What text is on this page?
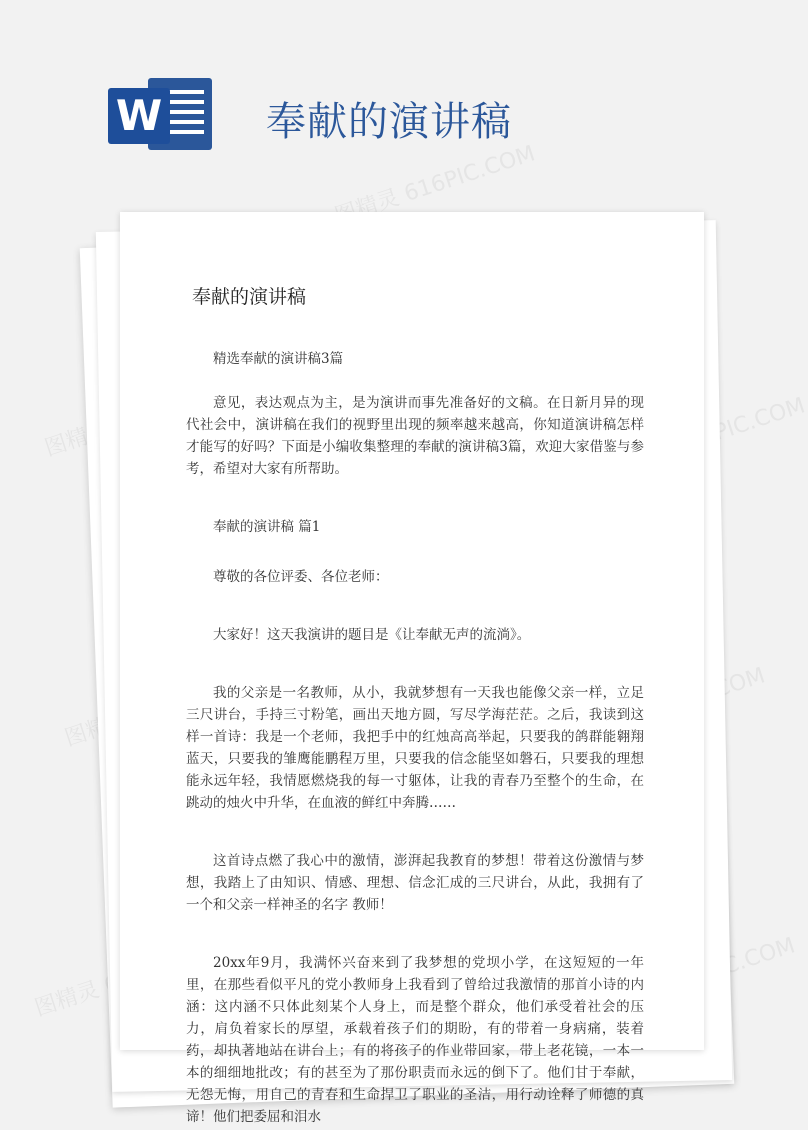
图精灵 616PIC.COM
图精灵	616PIC.COM
图精灵
图精灵
W	奉献的演讲稿
奉献的演讲稿

精选奉献的演讲稿3篇

意见，表达观点为主，是为演讲而事先准备好的文稿。在日新月异的现代社会中，演讲稿在我们的视野里出现的频率越来越高，你知道演讲稿怎样才能写的好吗？下面是小编收集整理的奉献的演讲稿3篇，欢迎大家借鉴与参考，希望对大家有所帮助。

奉献的演讲稿 篇1

尊敬的各位评委、各位老师：

大家好！这天我演讲的题目是《让奉献无声的流淌》。

我的父亲是一名教师，从小，我就梦想有一天我也能像父亲一样，立足三尺讲台，手持三寸粉笔，画出天地方圆，写尽学海茫茫。之后，我读到这样一首诗：我是一个老师，我把手中的红烛高高举起，只要我的鸽群能翱翔蓝天，只要我的雏鹰能鹏程万里，只要我的信念能坚如磐石，只要我的理想能永远年轻，我情愿燃烧我的每一寸躯体，让我的青春乃至整个的生命，在跳动的烛火中升华，在血液的鲜红中奔腾……

这首诗点燃了我心中的激情，澎湃起我教育的梦想！带着这份激情与梦想，我踏上了由知识、情感、理想、信念汇成的三尺讲台，从此，我拥有了一个和父亲一样神圣的名字 教师！

20xx年9月，我满怀兴奋来到了我梦想的党坝小学，在这短短的一年里，在那些看似平凡的党小教师身上我看到了曾给过我激情的那首小诗的内涵：这内涵不只体此刻某个人身上，而是整个群众，他们承受着社会的压力，肩负着家长的厚望，承载着孩子们的期盼，有的带着一身病痛，装着药，却执著地站在讲台上；有的将孩子的作业带回家，带上老花镜，一本一本的细细地批改；有的甚至为了那份职责而永远的倒下了。他们甘于奉献，无怨无悔，用自己的青春和生命捍卫了职业的圣洁，用行动诠释了师德的真谛！他们把委屈和泪水
